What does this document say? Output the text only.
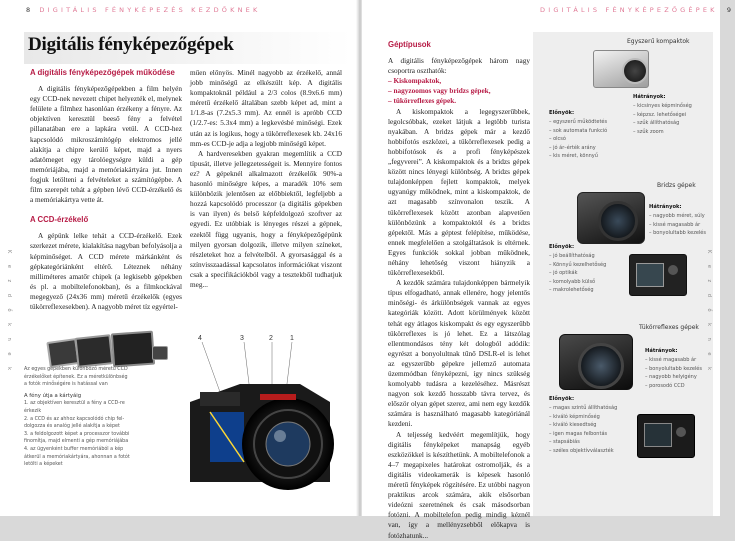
8 DIGITÁLIS FÉNYKÉPEZÉS KEZDŐKNEK
K e z d ő k n e k
Digitális fényképezőgépek
A digitális fényképezőgépek működése

A digitális fényképezőgépekben a film helyén egy CCD-nek nevezett chipet helyezték el, melynek felülete a filmhez hasonlóan érzékeny a fényre. Az objektíven keresztül beeső fény a felvétel pillanatában ere a lapkára vetül. A CCD-hez kapcsolódó mikroszámítógép elektromos jellé alakítja a chipre kerülő képet, majd a nyers adatömeget egy tárolóegységre küldi a gép memóriájába, majd a memóriakártyára jut. Innen fogjuk letölteni a felvételeket a számítógépbe. A film szerepét tehát a gépben lévő CCD-érzékelő és a memóriakártya vette át.

A CCD-érzékelő

A gépünk lelke tehát a CCD-érzékelő. Ezek szerkezet mérete, kialakítása nagyban befolyásolja a képminőséget. A CCD mérete márkánként és gépkategóriánként eltérő. Léteznek néhány milliméteres amatőr chipek (a legkisebb gépekben és pl. a mobiltelefonokban), és a filmkockával megegyező (24x36 mm) méretű érzékelők (egyes tükörreflexesekben). A nagyobb méret tíz egyértel-

műen előnyös. Minél nagyobb az érzékelő, annál jobb minőségű az elkészült kép. A digitális kompaktoknál például a 2/3 colos (8.9x6.6 mm) méretű érzékelő általában szebb képet ad, mint a 1/1.8-as (7.2x5.3 mm). Az ennél is apróbb CCD (1/2.7-es: 5.3x4 mm) a legkevésbé minőségi. Ezek után az is logikus, hogy a tükörreflexesek kb. 24x16 mm-es CCD-je adja a legjobb minőségű képet.

A hardveresekben gyakran megemlítik a CCD típusát, illetve jellegzetességeit is. Mennyire fontos ez? A gépeknél alkalmazott érzékelők 90%-a hasonló minőségre képes, a maradék 10% sem különbözik jelentősen az előbbiektől, legfeljebb a hozzá kapcsolódó processzor (a digitális gépekben is van ilyen) és belső képfeldolgozó szoftver az egyedi. Ez utóbbiak is lényeges részei a gépnek, ezektől függ ugyanis, hogy a fényképezőgépünk milyen gyorsan dolgozik, illetve milyen színeket, részleteket hoz a felvételből. A gyorsasággal és a színvisszaadással kapcsolatos információkat viszont csak a specifikációkból vagy a tesztekből tudhatjuk meg...

Az egyes gépekben különböző méretű CCD
érzékelőket építenek. Ez a méretkülönbség
a fotók minőségére is hatással van
A fény útja a kártyáig
1. az objektíven keresztül a fény a CCD-re
érkezik
2. a CCD és az ahhoz kapcsolódó chip fel-
dolgozza és analóg jellé alakítja a képet
3. a feldolgozott képet a processzor további
finomítja, majd elmenti a gép memóriájába
4. az ügyenként buffer memóriából a kép
átkerül a memóriakártyára, ahonnan a fotót
letölti a képeket
4	3	2 1
DIGITÁLIS FÉNYKÉPEZŐGÉPEK 9
Géptípusok

A digitális fényképezőgépek három nagy csoportra oszthatók:

– Kiskompaktok,
– nagyzoomos vagy bridzs gépek,
– tükörreflexes gépek.

A kiskompaktok a legegyszerűbbek, legolcsóbbak, ezeket látjuk a legtöbb turista nyakában. A bridzs gépek már a kezdő hobbifotós eszközei, a tükörreflexesek pedig a hobbifotósok és a profi fényképészek „fegyverei”. A kiskompaktok és a bridzs gépek között nincs lényegi különbség. A bridzs gépek tulajdonképpen fejlett kompaktok, melyek ugyanúgy működnek, mint a kiskompaktok, de azt magasabb színvonalon teszik. A tükörreflexesek között azonban alapvetően különbözünk a kompaktoktól és a bridzs gépektől. Más a géptest felépítése, működése, ennek megfelelően a szolgáltatások is eltérnek. Egyes funkciók sokkal jobban működnek, néhány lehetőség viszont hiányzik a tükörreflexesekből.

A kezdők számára tulajdonképpen bármelyik típus elfogadható, annak ellenére, hogy jelentős minőségi- és árkülönbségek vannak az egyes kategóriák között. Adott körülmények között tehát egy átlagos kiskompakt és egy egyszerűbb tükörreflexes is jó lehet. Ez a látszólag ellentmondásos tény két dologból adódik: egyrészt a bonyolultnak tűnő DSLR-el is lehet az egyszerűbb gépekre jellemző automata üzemmódban fényképezni, így nincs szükség komolyabb tudásra a kezeléséhez. Másrészt nagyon sok kezdő hosszabb távra tervez, és először olyan gépet szerez, ami nem egy kezdők számára is használható magasabb kategóriánál kezdeni.

A teljesség kedvéért megemlítjük, hogy digitális fényképeket manapság egyéb eszközökkel is készíthetünk. A mobiltelefonok a 4–7 megapixeles határokat ostromolják, és a digitális videokamerák is képesek hasonló méretű fényképek rögzítésére. Ez utóbbi nagyon praktikus arcok számára, akik elsősorban videózni szeretnének és csak másodsorban fotózni. A mobiltelefon pedig mindig kéznél van, így a mellényzsebből előkapva is fotózhatunk...

Egyszerű kompaktok
Hátrányok:
– kicsinyes képminőség
– képzsz. lehetőségei
– szűk állíthatóság
– szűk zoom
Előnyök:
– egyszerű működtetés
– sok automata funkció
– olcsó
– jó ár–érték arány
– kis méret, könnyű
Bridzs gépek
Hátrányok:
– nagyobb méret, súly
– kissé magasabb ár
– bonyolultabb kezelés
Előnyök:
– jó beállíthatóság
– Könnyű kezelhetőség
– jó optikák
– komolyabb külső
– makrolehetőség
Tükörreflexes gépek
Hátrányok:
– kissé magasabb ár
– bonyolultabb kezelés
– nagyobb helyigény
– porosodó CCD
Előnyök:
– magas szintű állíthatóság
– kiváló képminőség
– kiváló kiesedtség
– igen magas felbontás
– stapsábiás
– széles objektívválaszték
K e z d ő k n e k
